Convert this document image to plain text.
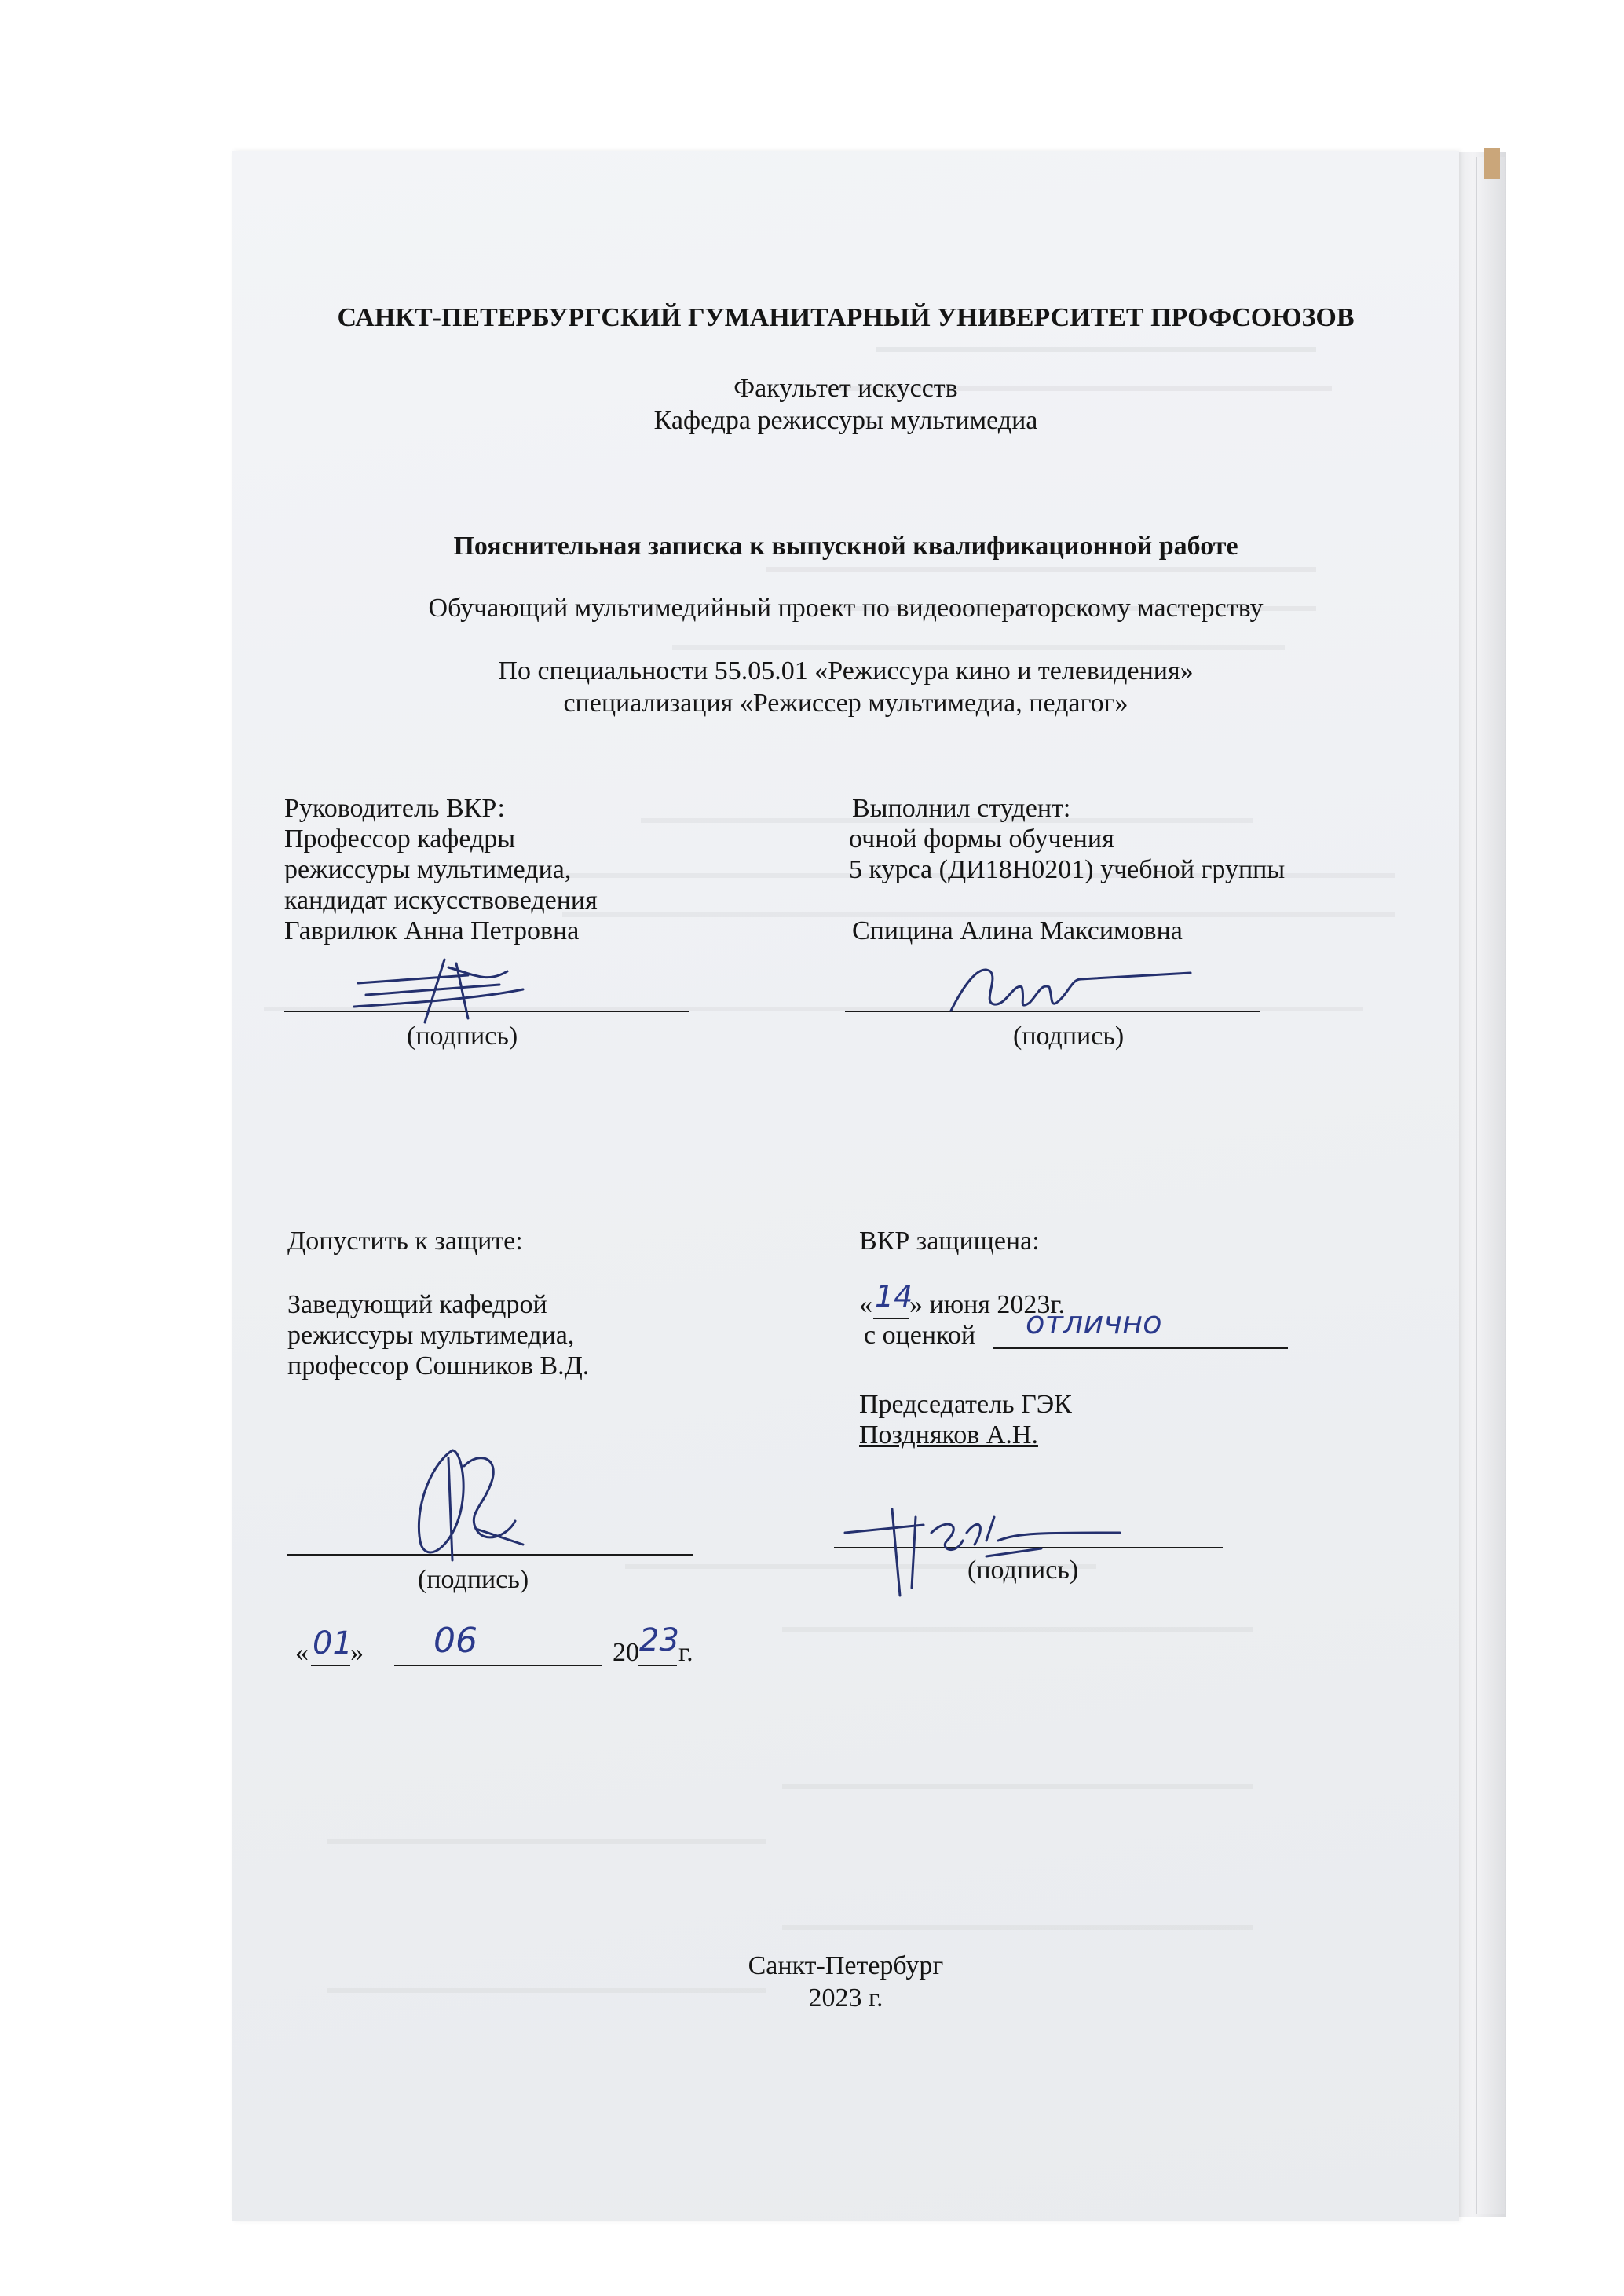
САНКТ-ПЕТЕРБУРГСКИЙ ГУМАНИТАРНЫЙ УНИВЕРСИТЕТ ПРОФСОЮЗОВ
Факультет искусств
Кафедра режиссуры мультимедиа
Пояснительная записка к выпускной квалификационной работе
Обучающий мультимедийный проект по видеооператорскому мастерству
По специальности 55.05.01 «Режиссура кино и телевидения»
специализация «Режиссер мультимедиа, педагог»
Руководитель ВКР:
Профессор кафедры
режиссуры мультимедиа,
кандидат искусствоведения
Гаврилюк Анна Петровна
(подпись)
Выполнил студент:
очной формы обучения
5 курса (ДИ18Н0201) учебной группы
Спицина Алина Максимовна
(подпись)
Допустить к защите:
Заведующий кафедрой
режиссуры мультимедиа,
профессор Сошников В.Д.
(подпись)
« 01
» 06	20 23 г.
ВКР защищена:
« 14
» июня 2023г.
с оценкой отлично
Председатель ГЭК
Поздняков А.Н.
(подпись)
Санкт-Петербург
2023 г.
